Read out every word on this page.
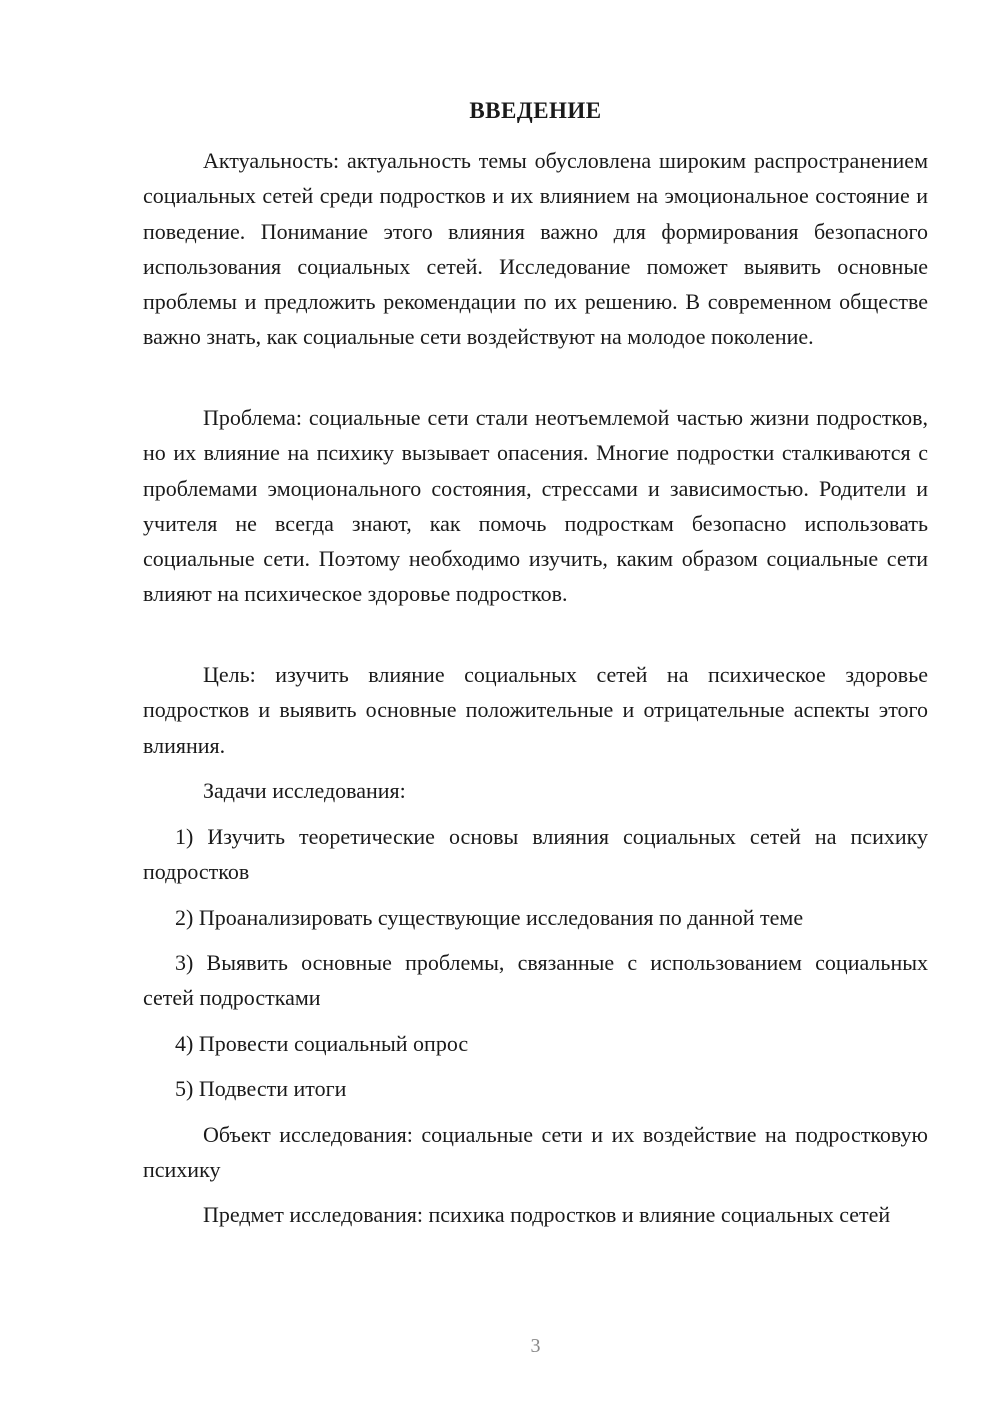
ВВЕДЕНИЕ

Актуальность: актуальность темы обусловлена широким распространением социальных сетей среди подростков и их влиянием на эмоциональное состояние и поведение. Понимание этого влияния важно для формирования безопасного использования социальных сетей. Исследование поможет выявить основные проблемы и предложить рекомендации по их решению. В современном обществе важно знать, как социальные сети воздействуют на молодое поколение.

Проблема: социальные сети стали неотъемлемой частью жизни подростков, но их влияние на психику вызывает опасения. Многие подростки сталкиваются с проблемами эмоционального состояния, стрессами и зависимостью. Родители и учителя не всегда знают, как помочь подросткам безопасно использовать социальные сети. Поэтому необходимо изучить, каким образом социальные сети влияют на психическое здоровье подростков.

Цель: изучить влияние социальных сетей на психическое здоровье подростков и выявить основные положительные и отрицательные аспекты этого влияния.

Задачи исследования:

1) Изучить теоретические основы влияния социальных сетей на психику подростков

2) Проанализировать существующие исследования по данной теме

3) Выявить основные проблемы, связанные с использованием социальных сетей подростками

4) Провести социальный опрос

5) Подвести итоги

Объект исследования: социальные сети и их воздействие на подростковую психику

Предмет исследования: психика подростков и влияние социальных сетей

3
